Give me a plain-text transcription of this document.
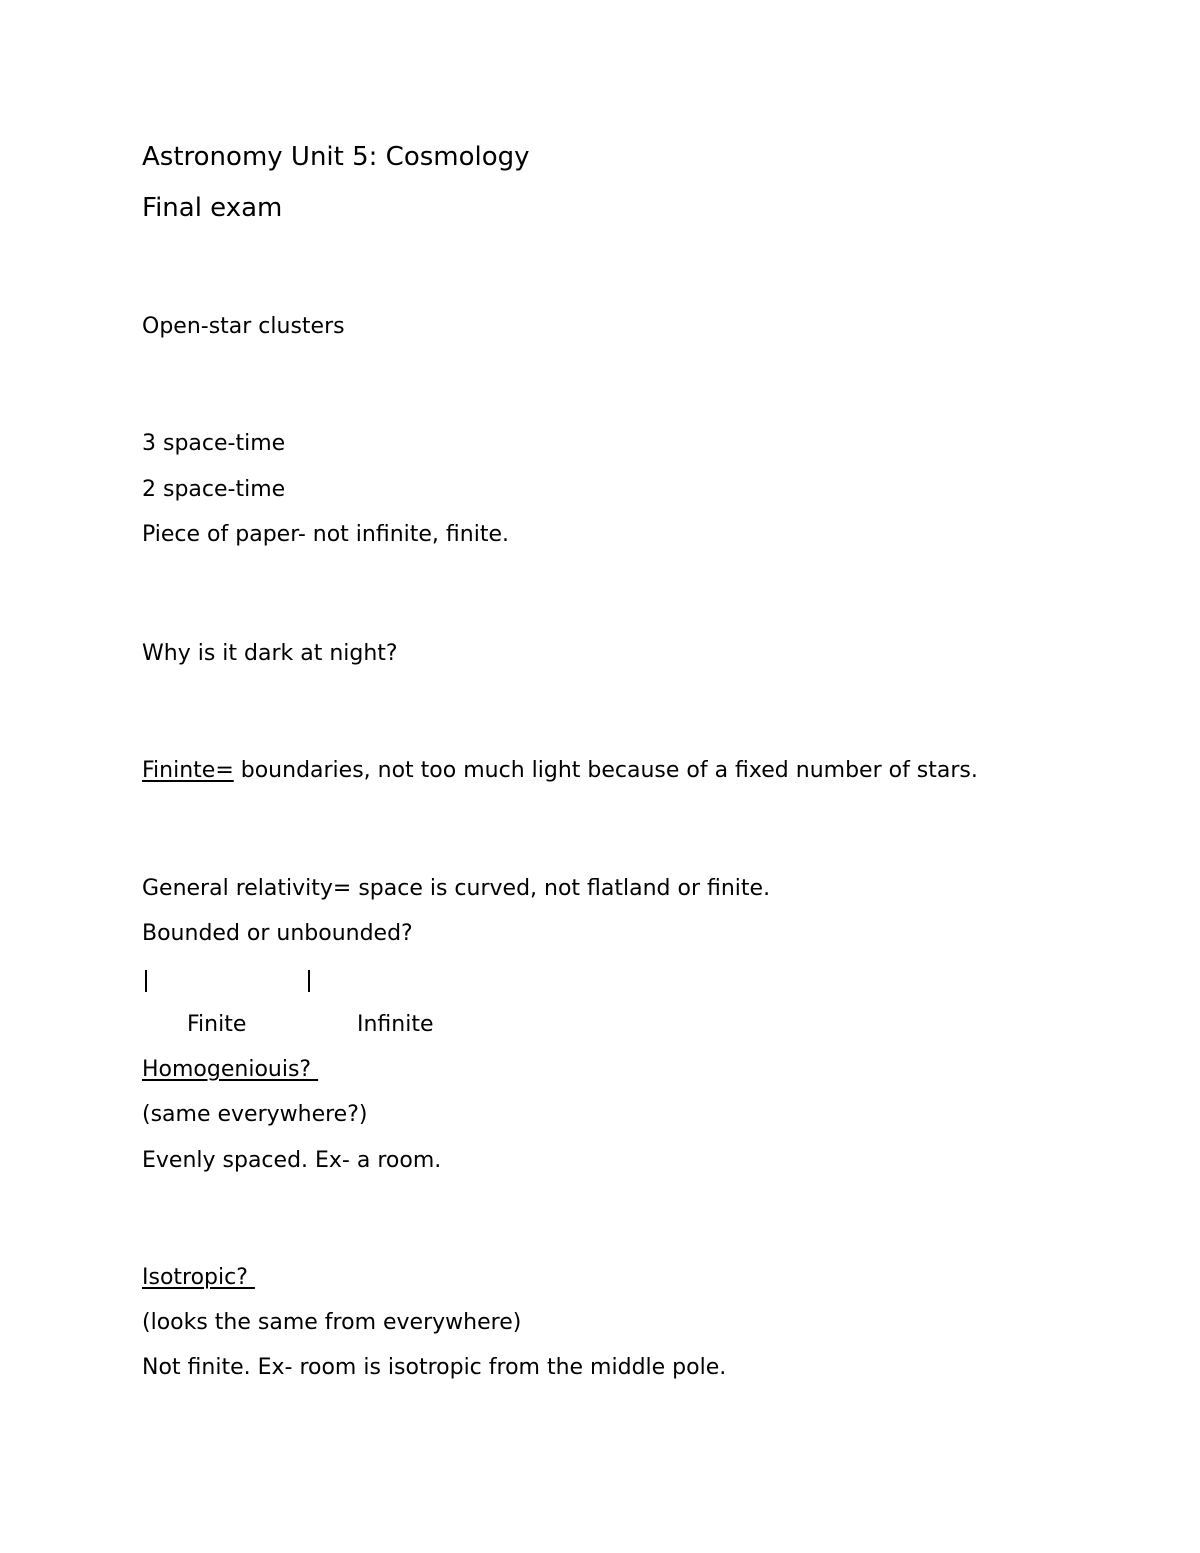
Astronomy Unit 5: Cosmology
Final exam
Open-star clusters
3 space-time
2 space-time
Piece of paper- not infinite, finite.
Why is it dark at night?
Fininte= boundaries, not too much light because of a fixed number of stars.
General relativity= space is curved, not flatland or finite.
Bounded or unbounded?
Finite	Infinite
Homogeniouis?
(same everywhere?)
Evenly spaced. Ex- a room.
Isotropic?
(looks the same from everywhere)
Not finite. Ex- room is isotropic from the middle pole.
